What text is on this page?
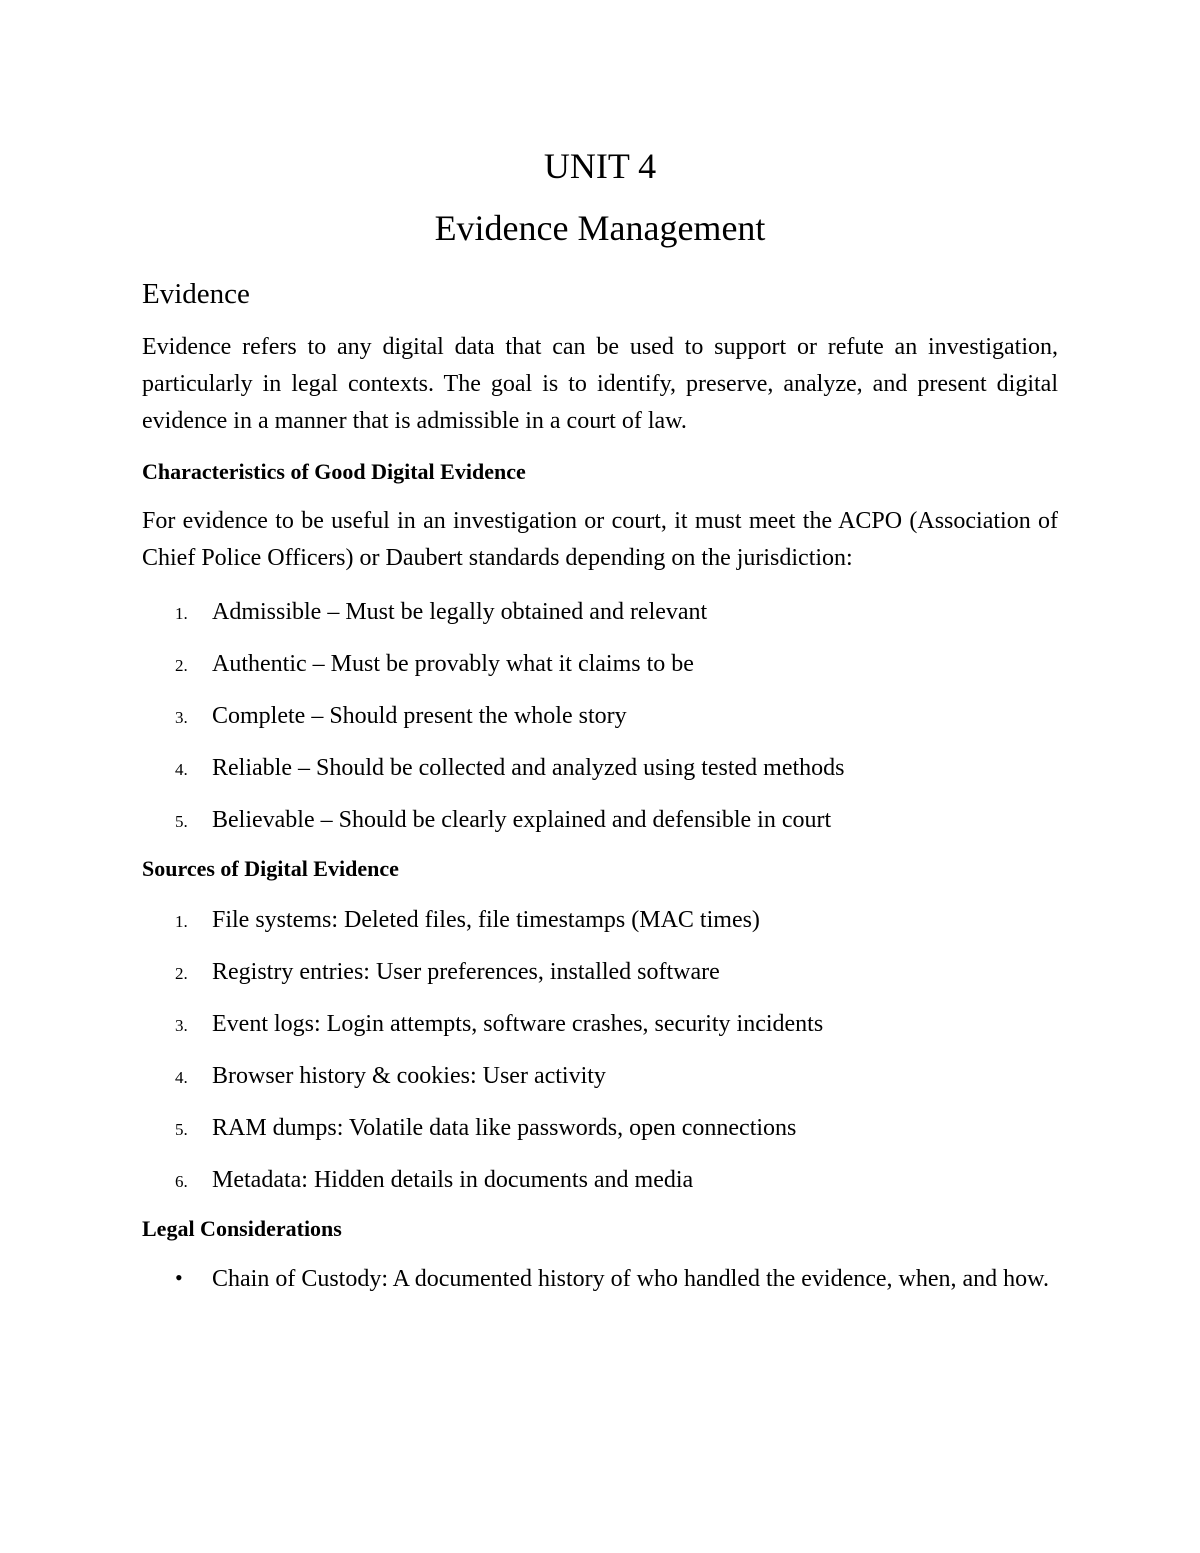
UNIT 4
Evidence Management
Evidence

Evidence refers to any digital data that can be used to support or refute an investigation, particularly in legal contexts. The goal is to identify, preserve, analyze, and present digital evidence in a manner that is admissible in a court of law.

Characteristics of Good Digital Evidence

For evidence to be useful in an investigation or court, it must meet the ACPO (Association of Chief Police Officers) or Daubert standards depending on the jurisdiction:

1. Admissible – Must be legally obtained and relevant
2. Authentic – Must be provably what it claims to be
3. Complete – Should present the whole story
4. Reliable – Should be collected and analyzed using tested methods
5. Believable – Should be clearly explained and defensible in court
Sources of Digital Evidence
1. File systems: Deleted files, file timestamps (MAC times)
2. Registry entries: User preferences, installed software
3. Event logs: Login attempts, software crashes, security incidents
4. Browser history & cookies: User activity
5. RAM dumps: Volatile data like passwords, open connections
6. Metadata: Hidden details in documents and media
Legal Considerations
• Chain of Custody: A documented history of who handled the evidence, when, and how.
